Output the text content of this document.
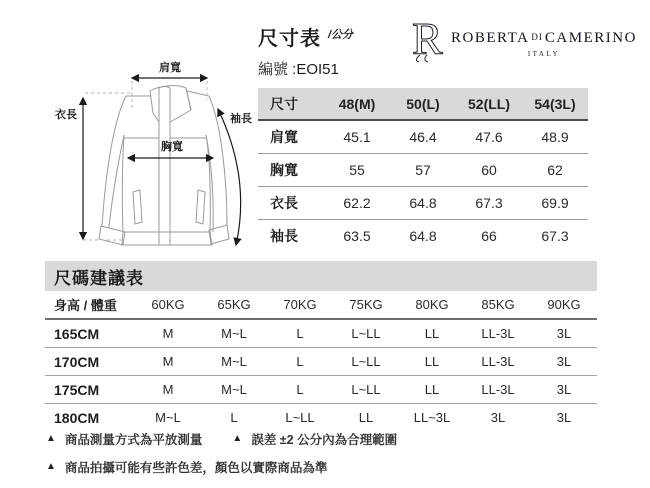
肩寬
衣長	袖長
胸寬
尺寸表 /公分
編號 :EOI51
R ROBERTA DI CAMERINO
ITALY
尺寸	48(M)	50(L)	52(LL)	54(3L)
肩寬	45.1	46.4	47.6	48.9
胸寬	55	57	60	62
衣長	62.2	64.8	67.3	69.9
袖長	63.5	64.8	66	67.3
尺碼建議表
身高 / 體重	60KG	65KG	70KG	75KG	80KG	85KG	90KG
165CM	M	M~L	L	L~LL	LL	LL-3L	3L
170CM	M	M~L	L	L~LL	LL	LL-3L	3L
175CM	M	M~L	L	L~LL	LL	LL-3L	3L
180CM	M~L	L	L~LL	LL	LL~3L	3L	3L
▲ 商品測量方式為平放測量	▲ 誤差 ±2 公分內為合理範圍
▲ 商品拍攝可能有些許色差，顏色以實際商品為準
